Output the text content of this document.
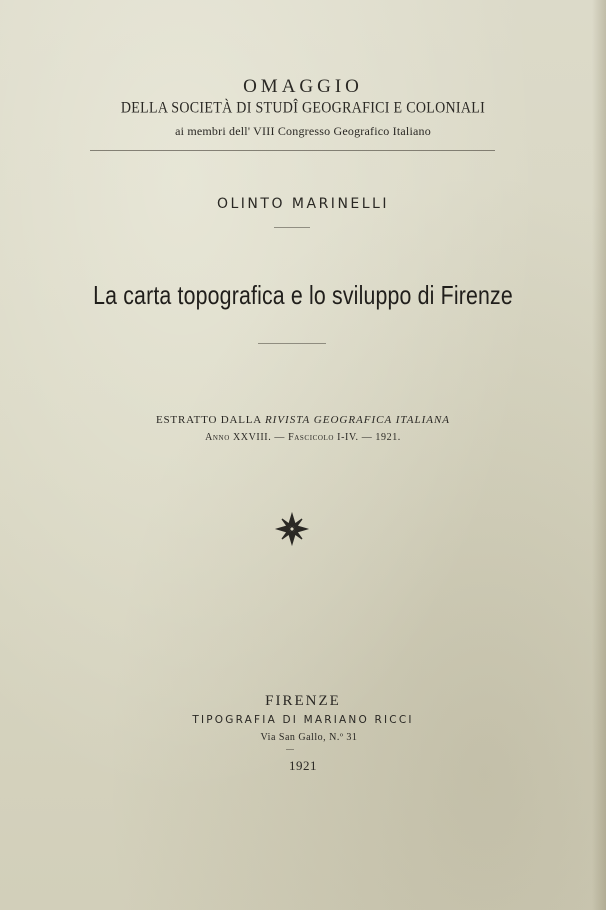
OMAGGIO
DELLA SOCIETÀ DI STUDÎ GEOGRAFICI E COLONIALI
ai membri dell' VIII Congresso Geografico Italiano
OLINTO MARINELLI
La carta topografica e lo sviluppo di Firenze
ESTRATTO DALLA RIVISTA GEOGRAFICA ITALIANA
Anno XXVIII. — Fascicolo I-IV. — 1921.
FIRENZE
TIPOGRAFIA DI MARIANO RICCI
Via San Gallo, N.º 31
1921
